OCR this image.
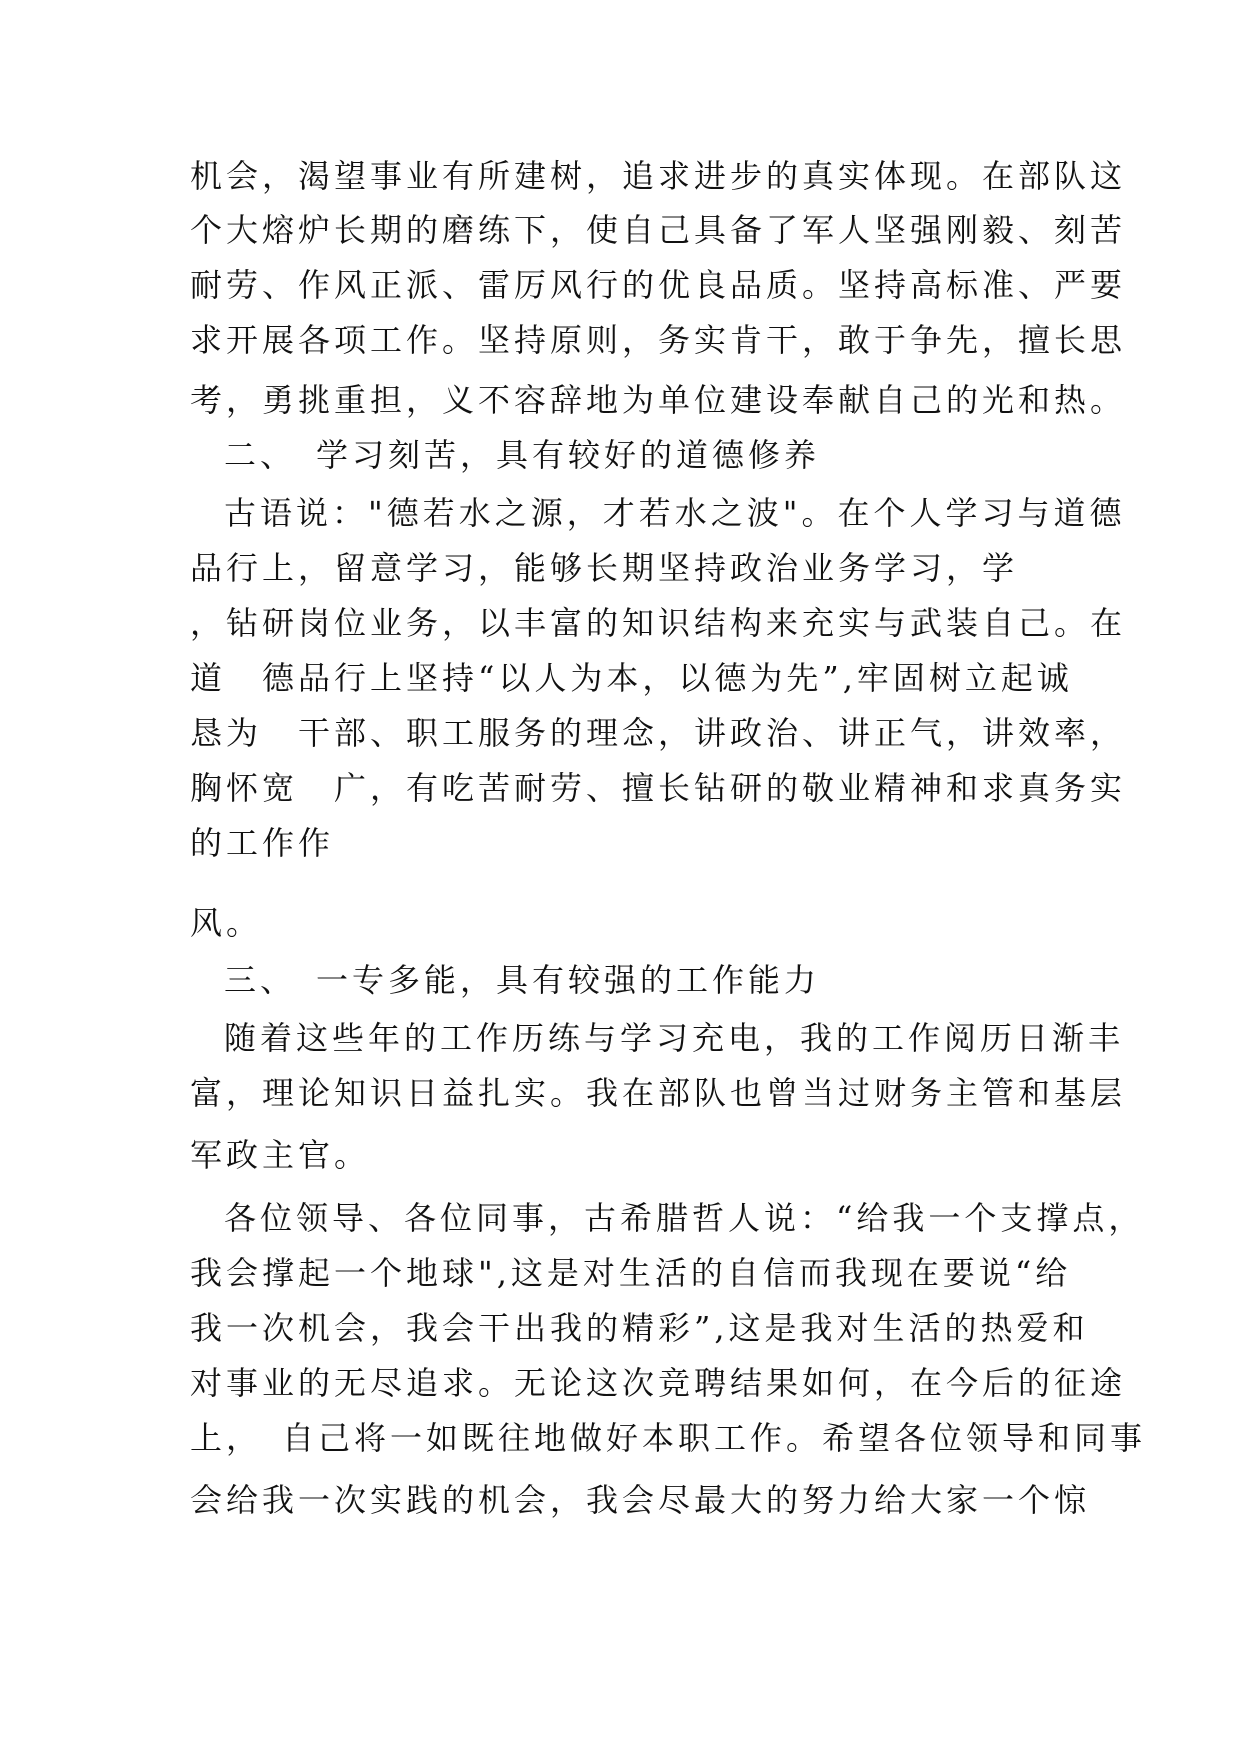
机会，渴望事业有所建树，追求进步的真实体现。在部队这
个大熔炉长期的磨练下，使自己具备了军人坚强刚毅、刻苦
耐劳、作风正派、雷厉风行的优良品质。坚持高标准、严要
求开展各项工作。坚持原则，务实肯干，敢于争先，擅长思
考，勇挑重担，义不容辞地为单位建设奉献自己的光和热。
二、　学习刻苦，具有较好的道德修养
古语说："德若水之源，才若水之波"。在个人学习与道德
品行上，留意学习，能够长期坚持政治业务学习，学
，钻研岗位业务，以丰富的知识结构来充实与武装自己。在
道　德品行上坚持“以人为本，以德为先”,牢固树立起诚
恳为　干部、职工服务的理念，讲政治、讲正气，讲效率，
胸怀宽　广，有吃苦耐劳、擅长钻研的敬业精神和求真务实
的工作作
风。
三、　一专多能，具有较强的工作能力
随着这些年的工作历练与学习充电，我的工作阅历日渐丰
富，理论知识日益扎实。我在部队也曾当过财务主管和基层
军政主官。
各位领导、各位同事，古希腊哲人说：“给我一个支撑点，
我会撑起一个地球",这是对生活的自信而我现在要说“给
我一次机会，我会干出我的精彩”,这是我对生活的热爱和
对事业的无尽追求。无论这次竞聘结果如何，在今后的征途
上，　自己将一如既往地做好本职工作。希望各位领导和同事
会给我一次实践的机会，我会尽最大的努力给大家一个惊
